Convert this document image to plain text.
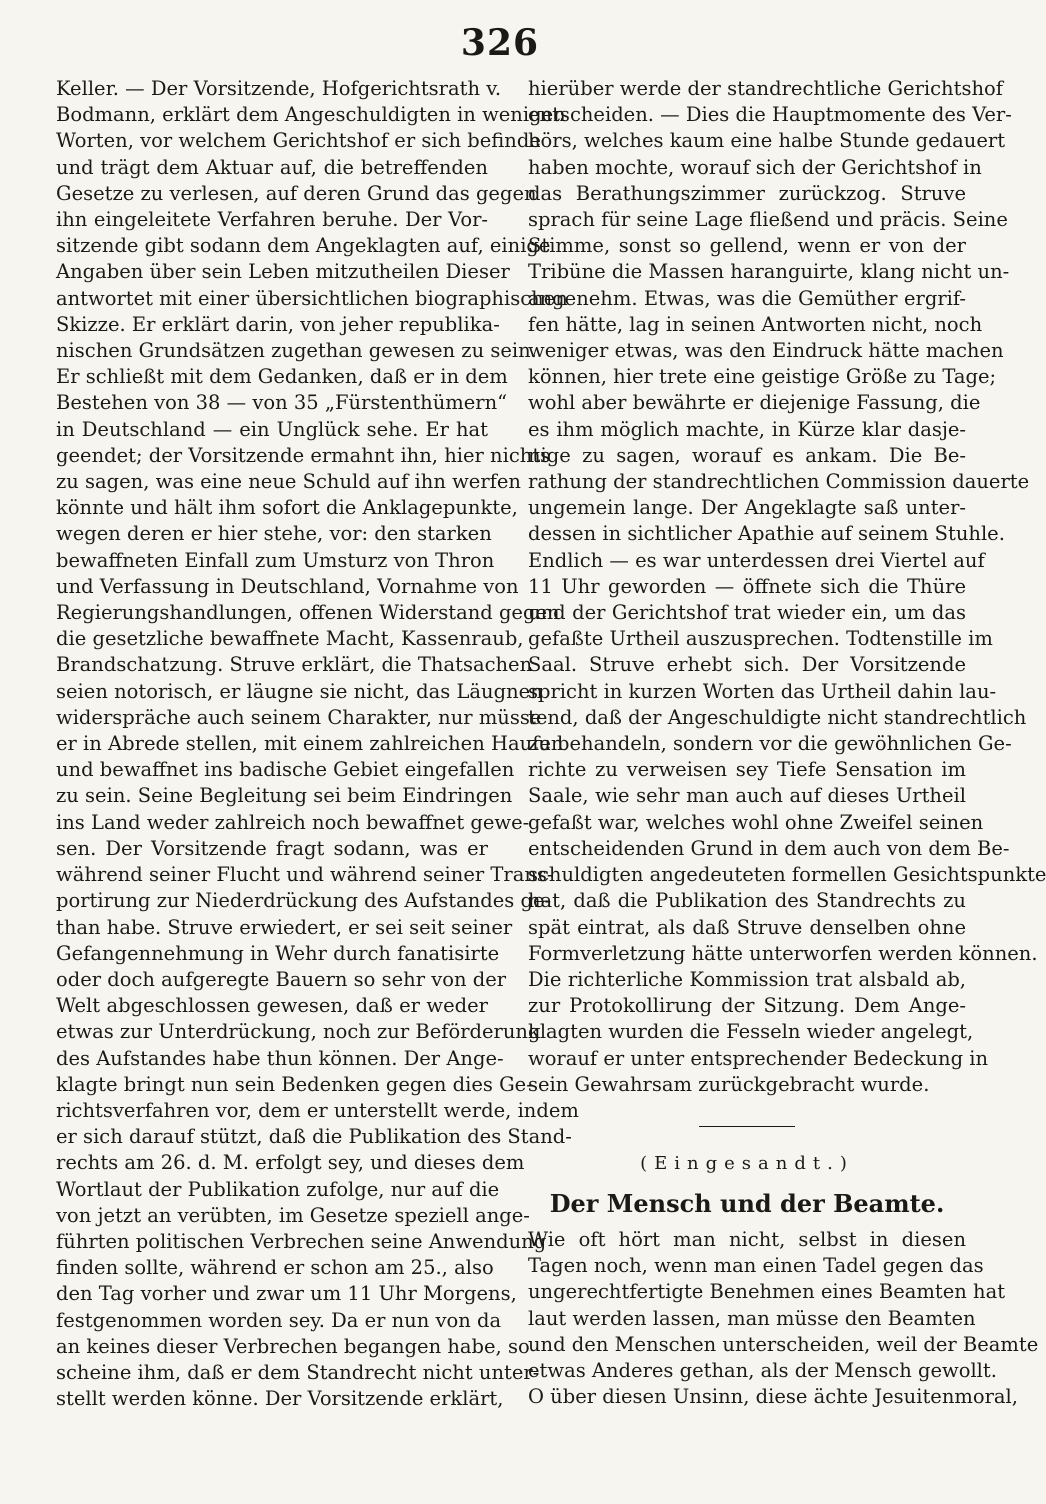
326
Keller. — Der Vorsitzende, Hofgerichtsrath v.
Bodmann, erklärt dem Angeschuldigten in wenigen
Worten, vor welchem Gerichtshof er sich befinde
und trägt dem Aktuar auf, die betreffenden
Gesetze zu verlesen, auf deren Grund das gegen
ihn eingeleitete Verfahren beruhe. Der Vor-
sitzende gibt sodann dem Angeklagten auf, einige
Angaben über sein Leben mitzutheilen Dieser
antwortet mit einer übersichtlichen biographischen
Skizze. Er erklärt darin, von jeher republika-
nischen Grundsätzen zugethan gewesen zu sein.
Er schließt mit dem Gedanken, daß er in dem
Bestehen von 38 — von 35 „Fürstenthümern“
in Deutschland — ein Unglück sehe. Er hat
geendet; der Vorsitzende ermahnt ihn, hier nichts
zu sagen, was eine neue Schuld auf ihn werfen
könnte und hält ihm sofort die Anklagepunkte,
wegen deren er hier stehe, vor: den starken
bewaffneten Einfall zum Umsturz von Thron
und Verfassung in Deutschland, Vornahme von
Regierungshandlungen, offenen Widerstand gegen
die gesetzliche bewaffnete Macht, Kassenraub,
Brandschatzung. Struve erklärt, die Thatsachen
seien notorisch, er läugne sie nicht, das Läugnen
widerspräche auch seinem Charakter, nur müsse
er in Abrede stellen, mit einem zahlreichen Haufen
und bewaffnet ins badische Gebiet eingefallen
zu sein. Seine Begleitung sei beim Eindringen
ins Land weder zahlreich noch bewaffnet gewe-
sen. Der Vorsitzende fragt sodann, was er
während seiner Flucht und während seiner Trans-
portirung zur Niederdrückung des Aufstandes ge-
than habe. Struve erwiedert, er sei seit seiner
Gefangennehmung in Wehr durch fanatisirte
oder doch aufgeregte Bauern so sehr von der
Welt abgeschlossen gewesen, daß er weder
etwas zur Unterdrückung, noch zur Beförderung
des Aufstandes habe thun können. Der Ange-
klagte bringt nun sein Bedenken gegen dies Ge-
richtsverfahren vor, dem er unterstellt werde, indem
er sich darauf stützt, daß die Publikation des Stand-
rechts am 26. d. M. erfolgt sey, und dieses dem
Wortlaut der Publikation zufolge, nur auf die
von jetzt an verübten, im Gesetze speziell ange-
führten politischen Verbrechen seine Anwendung
finden sollte, während er schon am 25., also
den Tag vorher und zwar um 11 Uhr Morgens,
festgenommen worden sey. Da er nun von da
an keines dieser Verbrechen begangen habe, so
scheine ihm, daß er dem Standrecht nicht unter-
stellt werden könne. Der Vorsitzende erklärt,
hierüber werde der standrechtliche Gerichtshof
entscheiden. — Dies die Hauptmomente des Ver-
hörs, welches kaum eine halbe Stunde gedauert
haben mochte, worauf sich der Gerichtshof in
das Berathungszimmer zurückzog. Struve
sprach für seine Lage fließend und präcis. Seine
Stimme, sonst so gellend, wenn er von der
Tribüne die Massen haranguirte, klang nicht un-
angenehm. Etwas, was die Gemüther ergrif-
fen hätte, lag in seinen Antworten nicht, noch
weniger etwas, was den Eindruck hätte machen
können, hier trete eine geistige Größe zu Tage;
wohl aber bewährte er diejenige Fassung, die
es ihm möglich machte, in Kürze klar dasje-
nige zu sagen, worauf es ankam. Die Be-
rathung der standrechtlichen Commission dauerte
ungemein lange. Der Angeklagte saß unter-
dessen in sichtlicher Apathie auf seinem Stuhle.
Endlich — es war unterdessen drei Viertel auf
11 Uhr geworden — öffnete sich die Thüre
und der Gerichtshof trat wieder ein, um das
gefaßte Urtheil auszusprechen. Todtenstille im
Saal. Struve erhebt sich. Der Vorsitzende
spricht in kurzen Worten das Urtheil dahin lau-
tend, daß der Angeschuldigte nicht standrechtlich
zu behandeln, sondern vor die gewöhnlichen Ge-
richte zu verweisen sey Tiefe Sensation im
Saale, wie sehr man auch auf dieses Urtheil
gefaßt war, welches wohl ohne Zweifel seinen
entscheidenden Grund in dem auch von dem Be-
schuldigten angedeuteten formellen Gesichtspunkte
hat, daß die Publikation des Standrechts zu
spät eintrat, als daß Struve denselben ohne
Formverletzung hätte unterworfen werden können.
Die richterliche Kommission trat alsbald ab,
zur Protokollirung der Sitzung. Dem Ange-
klagten wurden die Fesseln wieder angelegt,
worauf er unter entsprechender Bedeckung in
sein Gewahrsam zurückgebracht wurde.
(Eingesandt.)
Der Mensch und der Beamte.
Wie oft hört man nicht, selbst in diesen
Tagen noch, wenn man einen Tadel gegen das
ungerechtfertigte Benehmen eines Beamten hat
laut werden lassen, man müsse den Beamten
und den Menschen unterscheiden, weil der Beamte
etwas Anderes gethan, als der Mensch gewollt.
O über diesen Unsinn, diese ächte Jesuitenmoral,
